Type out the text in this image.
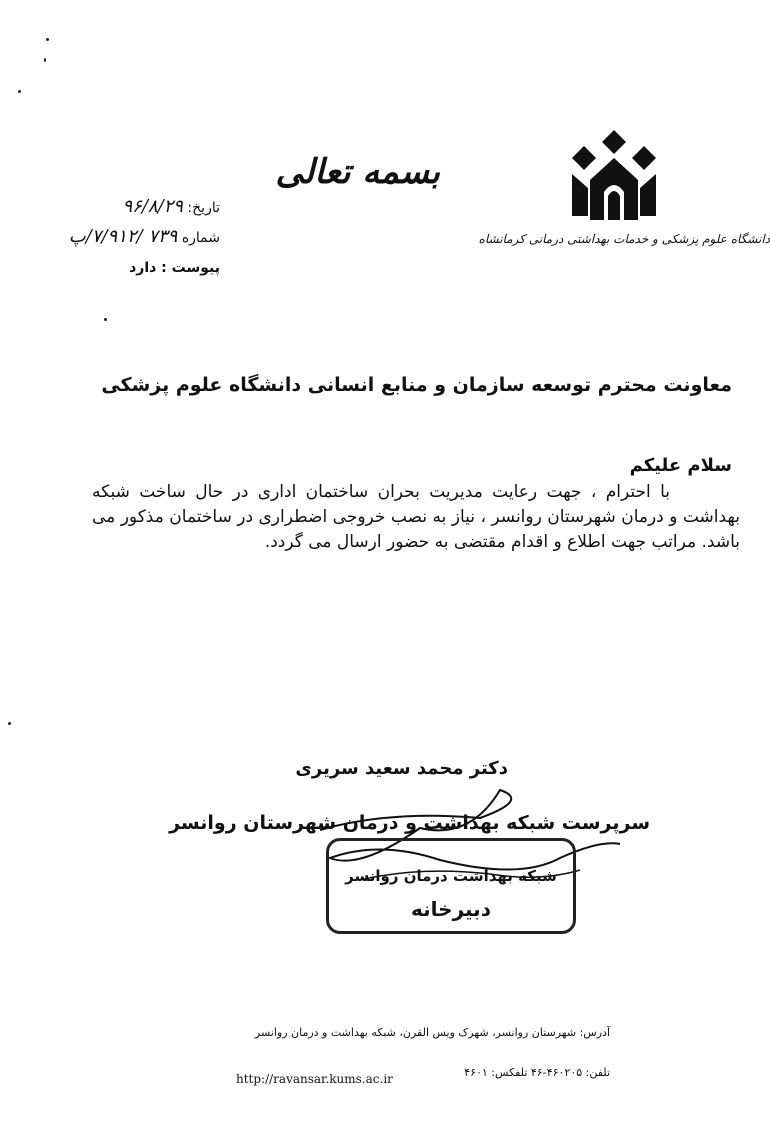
دانشگاه علوم پزشکی و خدمات بهداشتی درمانی کرمانشاه
بسمه تعالی
تاریخ: ۹۶/۸/۲۹
شماره ۷۳۹ /۷/۹۱۲/پ
پیوست : دارد
معاونت محترم توسعه سازمان و منابع انسانی دانشگاه علوم پزشکی
سلام علیکم
با احترام ، جهت رعایت مدیریت بحران ساختمان اداری در حال ساخت شبکه بهداشت و درمان شهرستان روانسر ، نیاز به نصب خروجی اضطراری در ساختمان مذکور می باشد. مراتب جهت اطلاع و اقدام مقتضی به حضور ارسال می گردد.
دکتر محمد سعید سریری
سرپرست شبکه بهداشت و درمان شهرستان روانسر
شبکه بهداشت درمان روانسر
دبیرخانه
آدرس: شهرستان روانسر، شهرک ویس القرن، شبکه بهداشت و درمان روانسر
تلفن: ۴۶۰۲۰۵-۴۶ تلفکس: ۴۶۰۱
http://ravansar.kums.ac.ir
